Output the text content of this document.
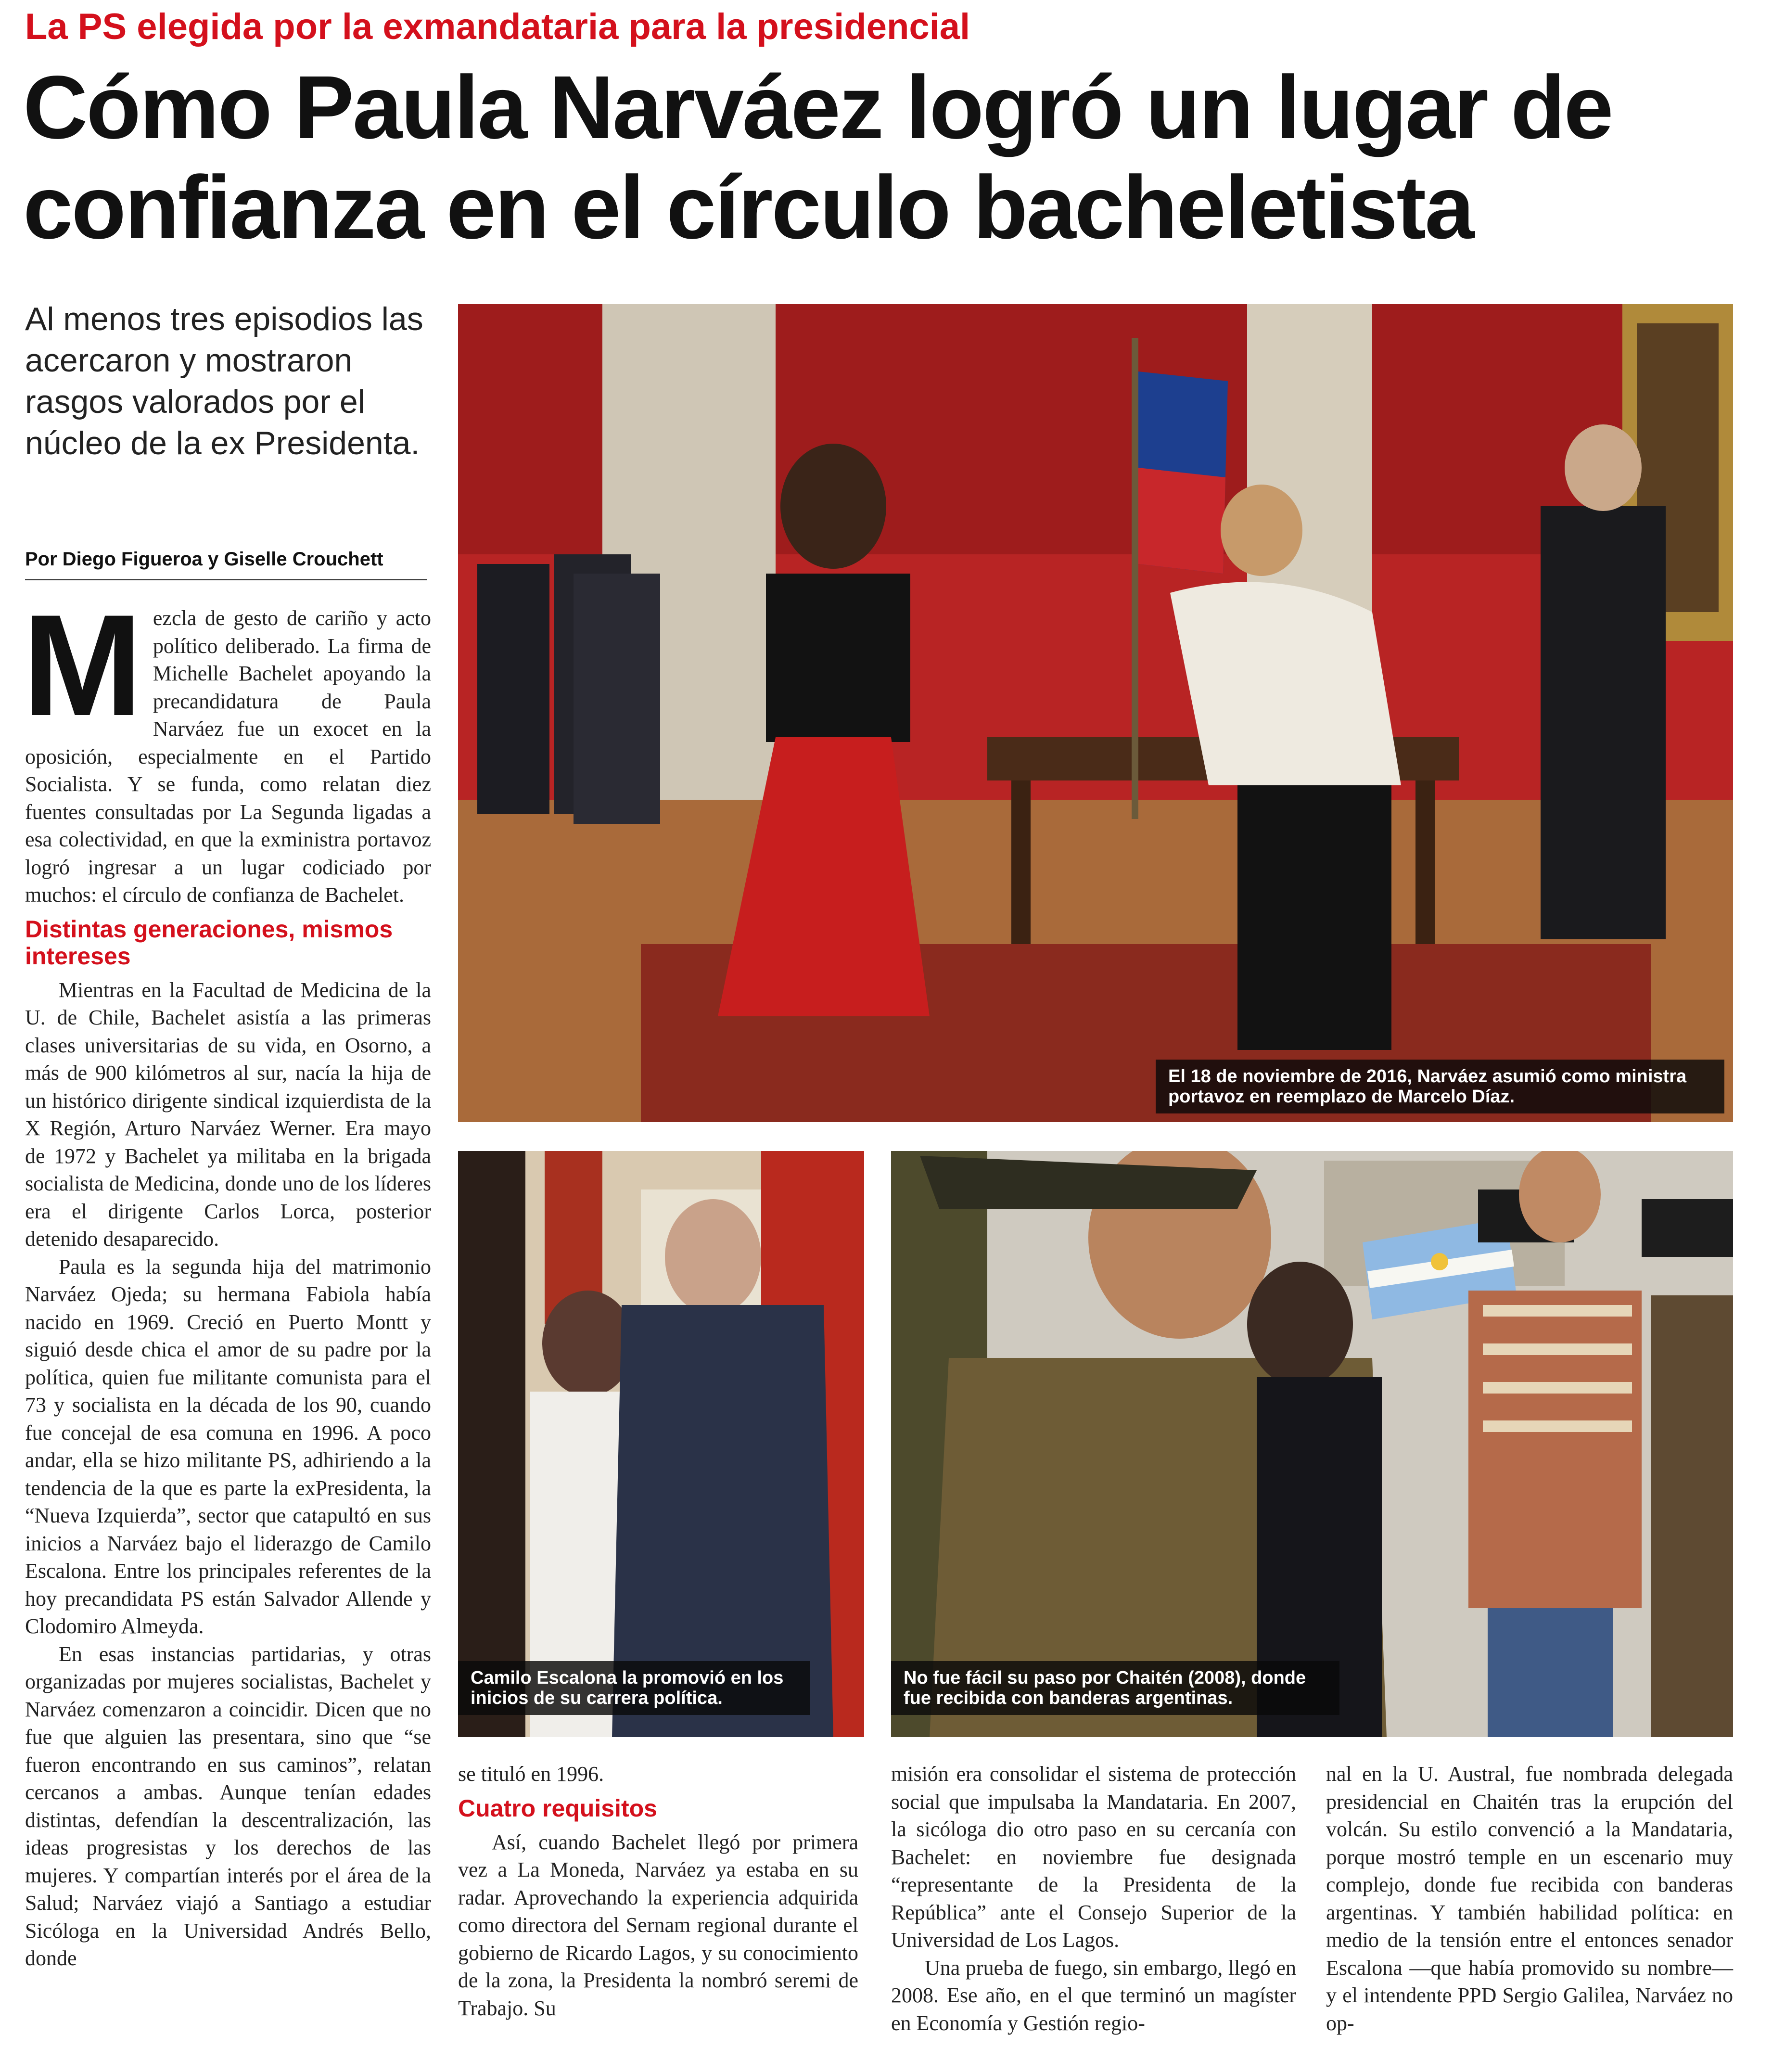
La PS elegida por la exmandataria para la presidencial
Cómo Paula Narváez logró un lugar de
confianza en el círculo bacheletista
Al menos tres episodios las acercaron y mostraron rasgos valorados por el núcleo de la ex Presidenta.
Por Diego Figueroa y Giselle Crouchett
M ezcla de gesto de cariño y acto político deliberado. La firma de Michelle Bachelet apoyando la precandidatura de Paula Narváez fue un exocet en la oposición, especialmente en el Partido Socialista. Y se funda, como relatan diez fuentes consultadas por La Segunda ligadas a esa colectividad, en que la exministra portavoz logró ingresar a un lugar codiciado por muchos: el círculo de confianza de Bachelet.

Distintas generaciones, mismos intereses

Mientras en la Facultad de Medicina de la U. de Chile, Bachelet asistía a las primeras clases universitarias de su vida, en Osorno, a más de 900 kilómetros al sur, nacía la hija de un histórico dirigente sindical izquierdista de la X Región, Arturo Narváez Werner. Era mayo de 1972 y Bachelet ya militaba en la brigada socialista de Medicina, donde uno de los líderes era el dirigente Carlos Lorca, posterior detenido desaparecido.

Paula es la segunda hija del matrimonio Narváez Ojeda; su hermana Fabiola había nacido en 1969. Creció en Puerto Montt y siguió desde chica el amor de su padre por la política, quien fue militante comunista para el 73 y socialista en la década de los 90, cuando fue concejal de esa comuna en 1996. A poco andar, ella se hizo militante PS, adhiriendo a la tendencia de la que es parte la exPresidenta, la “Nueva Izquierda”, sector que catapultó en sus inicios a Narváez bajo el liderazgo de Camilo Escalona. Entre los principales referentes de la hoy precandidata PS están Salvador Allende y Clodomiro Almeyda.

En esas instancias partidarias, y otras organizadas por mujeres socialistas, Bachelet y Narváez comenzaron a coincidir. Dicen que no fue que alguien las presentara, sino que “se fueron encontrando en sus caminos”, relatan cercanos a ambas. Aunque tenían edades distintas, defendían la descentralización, las ideas progresistas y los derechos de las mujeres. Y compartían interés por el área de la Salud; Narváez viajó a Santiago a estudiar Sicóloga en la Universidad Andrés Bello, donde

El 18 de noviembre de 2016, Narváez asumió como ministra portavoz en reemplazo de Marcelo Díaz.
Camilo Escalona la promovió en los inicios de su carrera política.
No fue fácil su paso por Chaitén (2008), donde fue recibida con banderas argentinas.

se tituló en 1996.

Cuatro requisitos

Así, cuando Bachelet llegó por primera vez a La Moneda, Narváez ya estaba en su radar. Aprovechando la experiencia adquirida como directora del Sernam regional durante el gobierno de Ricardo Lagos, y su conocimiento de la zona, la Presidenta la nombró seremi de Trabajo. Su

misión era consolidar el sistema de protección social que impulsaba la Mandataria. En 2007, la sicóloga dio otro paso en su cercanía con Bachelet: en noviembre fue designada “representante de la Presidenta de la República” ante el Consejo Superior de la Universidad de Los Lagos.

Una prueba de fuego, sin embargo, llegó en 2008. Ese año, en el que terminó un magíster en Economía y Gestión regio-

nal en la U. Austral, fue nombrada delegada presidencial en Chaitén tras la erupción del volcán. Su estilo convenció a la Mandataria, porque mostró temple en un escenario muy complejo, donde fue recibida con banderas argentinas. Y también habilidad política: en medio de la tensión entre el entonces senador Escalona —que había promovido su nombre— y el intendente PPD Sergio Galilea, Narváez no op-
